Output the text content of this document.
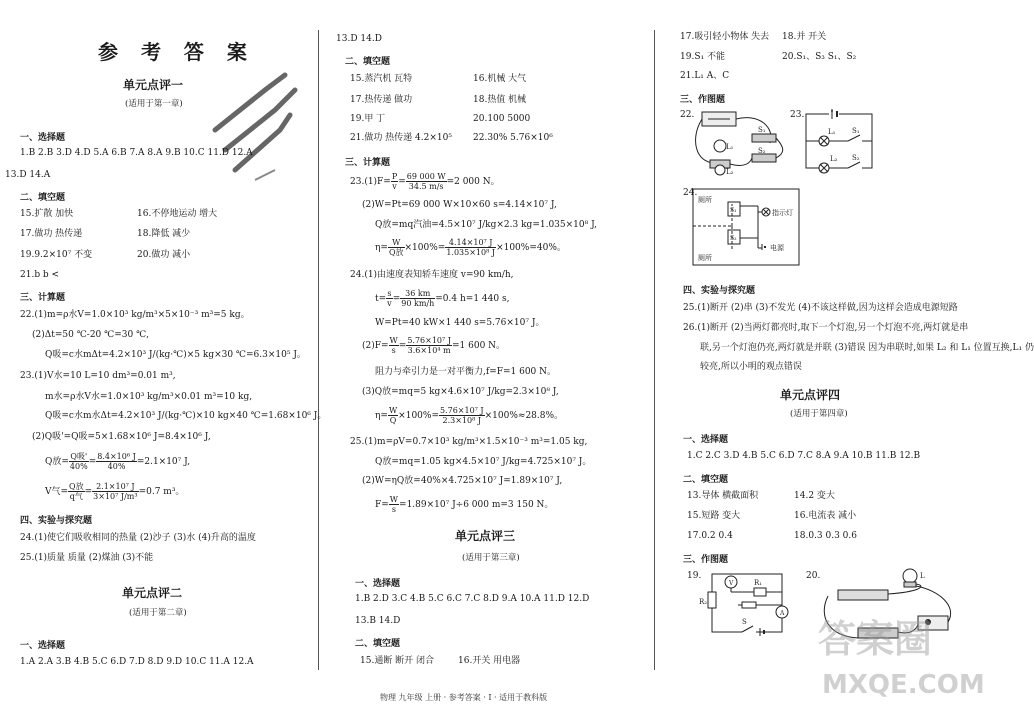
参 考 答 案
单元点评一
(适用于第一章)
一、选择题
1.B 2.B 3.D 4.D 5.A 6.B 7.A 8.A 9.B 10.C 11.D 12.A
13.D 14.A
二、填空题
15.扩散 加快	16.不停地运动 增大
17.做功 热传递	18.降低 减少
19.9.2×10⁷ 不变	20.做功 减小
21.b b <
三、计算题
22.(1)m=ρ水V=1.0×10³ kg/m³×5×10⁻³ m³=5 kg。
(2)Δt=50 ℃-20 ℃=30 ℃,
Q吸=c水mΔt=4.2×10³ J/(kg·℃)×5 kg×30 ℃=6.3×10⁵ J。
23.(1)V水=10 L=10 dm³=0.01 m³,
m水=ρ水V水=1.0×10³ kg/m³×0.01 m³=10 kg,
Q吸=c水m水Δt=4.2×10³ J/(kg·℃)×10 kg×40 ℃=1.68×10⁶ J。
(2)Q吸'=Q吸=5×1.68×10⁶ J=8.4×10⁶ J,
Q放= $\frac{\text{Q吸'}}{40\%} = \frac{\text{8.4×10⁶ J}}{40\%} =2.1\times 10^7$ J,
V气= $\frac{\text{Q放}}{\text{q气}} = \frac{\text{2.1×10⁷ J}}{\text{3×10⁷ J/m³}} =0.7$ m³。
四、实验与探究题
24.(1)使它们吸收相同的热量 (2)沙子 (3)水 (4)升高的温度
25.(1)质量 质量 (2)煤油 (3)不能
单元点评二
(适用于第二章)
一、选择题
1.A 2.A 3.B 4.B 5.C 6.D 7.D 8.D 9.D 10.C 11.A 12.A
13.D 14.D
二、填空题
15.蒸汽机 瓦特	16.机械 大气
17.热传递 做功	18.热值 机械
19.甲 丁	20.100 5000
21.做功 热传递 4.2×10⁵ 22.30% 5.76×10⁶
三、计算题
$23.(1)F= \frac{P}{v} = \frac{69 000 W}{34.5 m/s} =2$ 000 N。
(2)W=Pt=69 000 W×10×60 s=4.14×10⁷ J,
Q放=mq汽油=4.5×10⁷ J/kg×2.3 kg=1.035×10⁸ J,
$\eta= \frac{W}{\text{Q放}} \times 100\%= \frac{\text{4.14×10⁷ J}}{\text{1.035×10⁸ J}} \times 100\%=40\%$。
24.(1)由速度表知轿车速度 v=90 km/h,
$t= \frac{s}{v} = \frac{36 km}{90 km/h} =0.4$ h=1 440 s,
W=Pt=40 kW×1 440 s=5.76×10⁷ J。
$(2)F= \frac{W}{s} = \frac{\text{5.76×10⁷ J}}{\text{3.6×10⁴ m}} =1$ 600 N。
阻力与牵引力是一对平衡力,f=F=1 600 N。
(3)Q放=mq=5 kg×4.6×10⁷ J/kg=2.3×10⁸ J,
$\eta= \frac{W}{Q} \times 100\%= \frac{\text{5.76×10⁷ J}}{\text{2.3×10⁸ J}} \times 100\%\approx 28.8\%$。
25.(1)m=ρV=0.7×10³ kg/m³×1.5×10⁻³ m³=1.05 kg,
Q放=mq=1.05 kg×4.5×10⁷ J/kg=4.725×10⁷ J。
(2)W=ηQ放=40%×4.725×10⁷ J=1.89×10⁷ J,
$F= \frac{W}{s} =1.89\times 10^7$ J÷6 000 m=3 150 N。
单元点评三
(适用于第三章)
一、选择题
1.B 2.D 3.C 4.B 5.C 6.C 7.C 8.D 9.A 10.A 11.D 12.D
13.B 14.D
二、填空题
15.通断 断开 闭合	16.开关 用电器
17.吸引轻小物体 失去 18.并 开关
19.S₁ 不能	20.S₁、S₃ S₁、S₂
21.L₁ A、C
三、作图题
22.
L₁
L₂
S₁
S₂
23.
L₁
L₂
S₁
S₂
24.
厕所
厕所
S₁
S₂
指示灯
电源
四、实验与探究题
25.(1)断开 (2)串 (3)不发光 (4)不该这样做,因为这样会造成电源短路
26.(1)断开 (2)当两灯都亮时,取下一个灯泡,另一个灯泡不亮,两灯就是串
联,另一个灯泡仍亮,两灯就是并联 (3)错误 因为串联时,如果 L₂ 和 L₁ 位置互换,L₁ 仍
较亮,所以小明的观点错误
单元点评四
(适用于第四章)
一、选择题
1.C 2.C 3.D 4.B 5.C 6.D 7.C 8.A 9.A 10.B 11.B 12.B
二、填空题
13.导体 横截面积	14.2 变大
15.短路 变大	16.电流表 减小
17.0.2 0.4	18.0.3 0.3 0.6
三、作图题
19.
V	R₁
R₂
A
S
20.	L
答案圈
MXQE.COM
物理 九年级 上册 · 参考答案 · I · 适用于教科版
